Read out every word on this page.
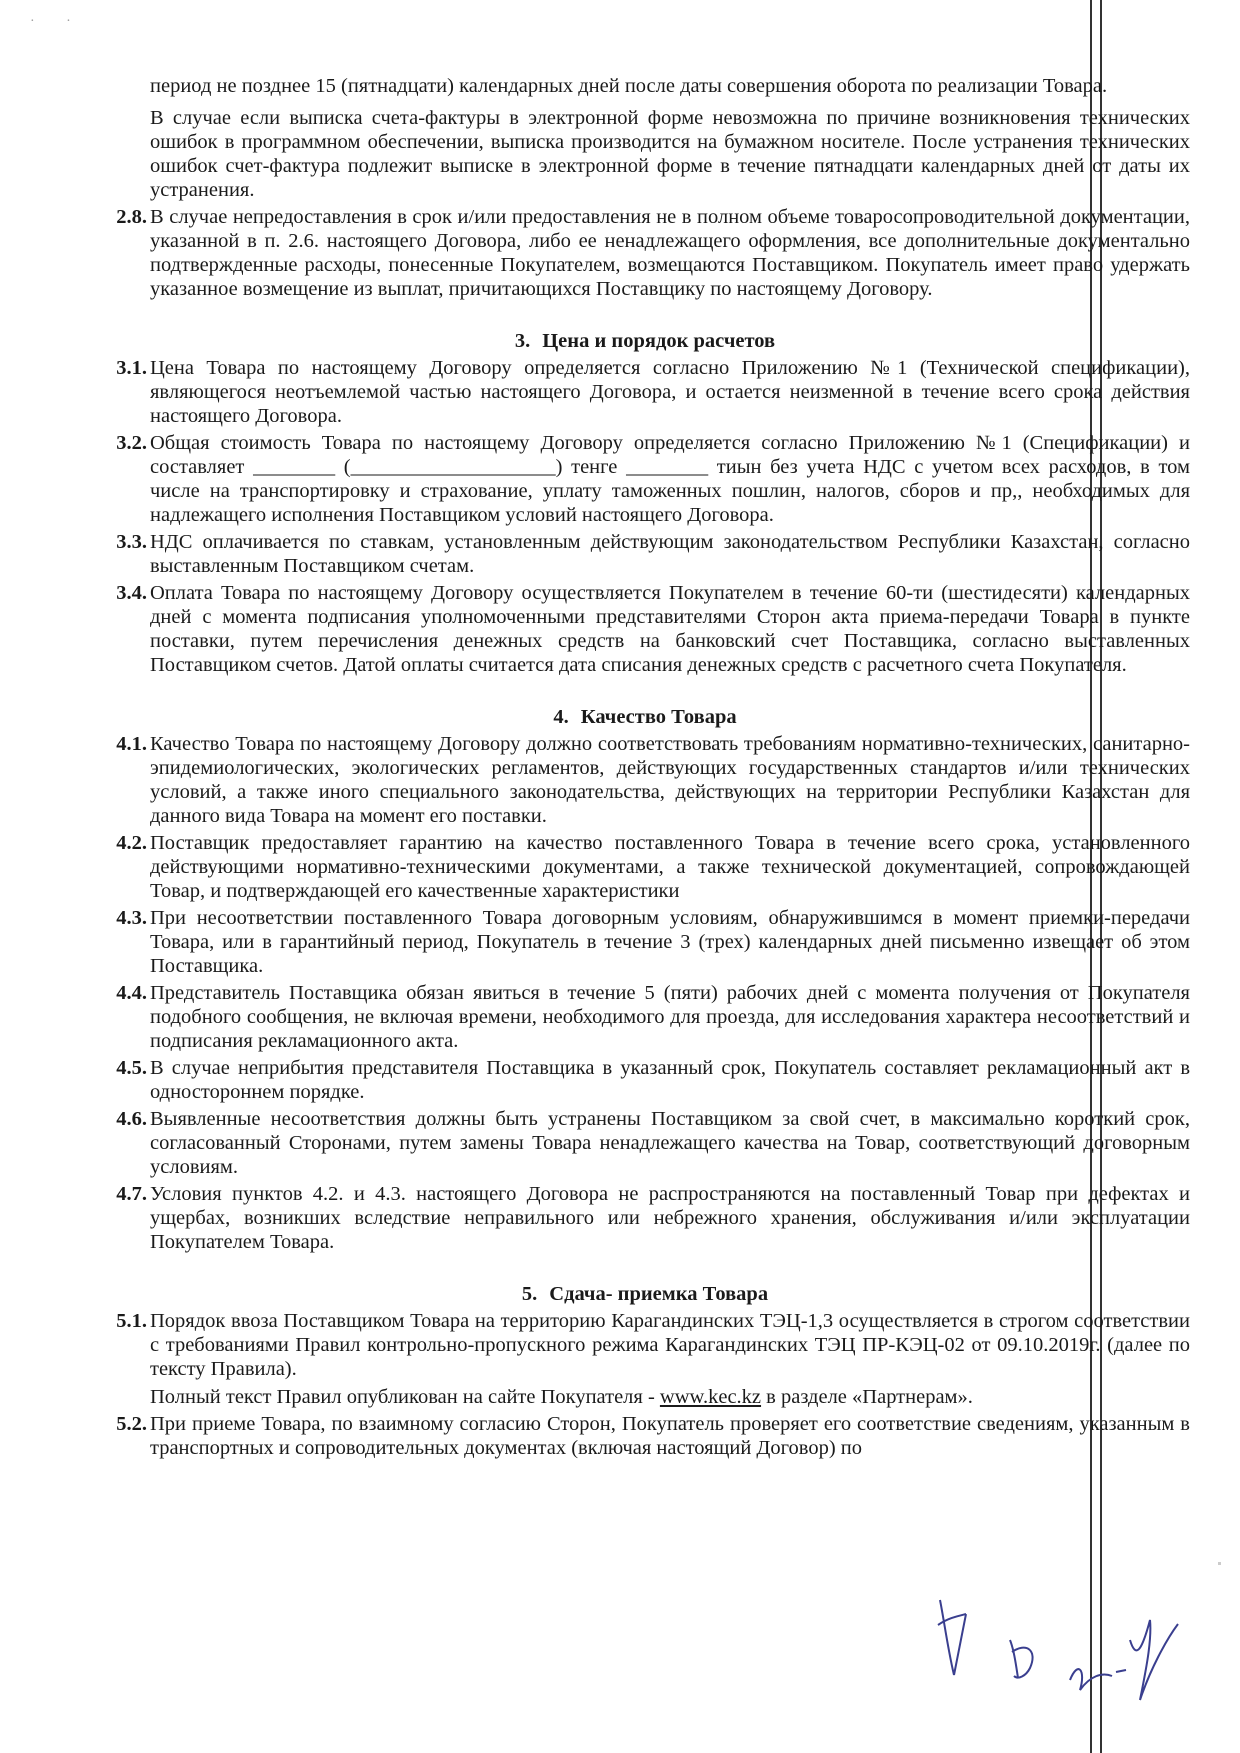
· ·
период не позднее 15 (пятнадцати) календарных дней после даты совершения оборота по реализации Товара.
В случае если выписка счета-фактуры в электронной форме невозможна по причине возникновения технических ошибок в программном обеспечении, выписка производится на бумажном носителе. После устранения технических ошибок счет-фактура подлежит выписке в электронной форме в течение пятнадцати календарных дней от даты их устранения.
2.8. В случае непредоставления в срок и/или предоставления не в полном объеме товаросопроводительной документации, указанной в п. 2.6. настоящего Договора, либо ее ненадлежащего оформления, все дополнительные документально подтвержденные расходы, понесенные Покупателем, возмещаются Поставщиком. Покупатель имеет право удержать указанное возмещение из выплат, причитающихся Поставщику по настоящему Договору.
3. Цена и порядок расчетов
3.1. Цена Товара по настоящему Договору определяется согласно Приложению №1 (Технической спецификации), являющегося неотъемлемой частью настоящего Договора, и остается неизменной в течение всего срока действия настоящего Договора.
3.2. Общая стоимость Товара по настоящему Договору определяется согласно Приложению №1 (Спецификации) и составляет ________ (____________________) тенге ________ тиын без учета НДС с учетом всех расходов, в том числе на транспортировку и страхование, уплату таможенных пошлин, налогов, сборов и пр,, необходимых для надлежащего исполнения Поставщиком условий настоящего Договора.
3.3. НДС оплачивается по ставкам, установленным действующим законодательством Республики Казахстан, согласно выставленным Поставщиком счетам.
3.4. Оплата Товара по настоящему Договору осуществляется Покупателем в течение 60-ти (шестидесяти) календарных дней с момента подписания уполномоченными представителями Сторон акта приема-передачи Товара в пункте поставки, путем перечисления денежных средств на банковский счет Поставщика, согласно выставленных Поставщиком счетов. Датой оплаты считается дата списания денежных средств с расчетного счета Покупателя.
4. Качество Товара
4.1. Качество Товара по настоящему Договору должно соответствовать требованиям нормативно-технических, санитарно-эпидемиологических, экологических регламентов, действующих государственных стандартов и/или технических условий, а также иного специального законодательства, действующих на территории Республики Казахстан для данного вида Товара на момент его поставки.
4.2. Поставщик предоставляет гарантию на качество поставленного Товара в течение всего срока, установленного действующими нормативно-техническими документами, а также технической документацией, сопровождающей Товар, и подтверждающей его качественные характеристики
4.3. При несоответствии поставленного Товара договорным условиям, обнаружившимся в момент приемки-передачи Товара, или в гарантийный период, Покупатель в течение 3 (трех) календарных дней письменно извещает об этом Поставщика.
4.4. Представитель Поставщика обязан явиться в течение 5 (пяти) рабочих дней с момента получения от Покупателя подобного сообщения, не включая времени, необходимого для проезда, для исследования характера несоответствий и подписания рекламационного акта.
4.5. В случае неприбытия представителя Поставщика в указанный срок, Покупатель составляет рекламационный акт в одностороннем порядке.
4.6. Выявленные несоответствия должны быть устранены Поставщиком за свой счет, в максимально короткий срок, согласованный Сторонами, путем замены Товара ненадлежащего качества на Товар, соответствующий договорным условиям.
4.7. Условия пунктов 4.2. и 4.3. настоящего Договора не распространяются на поставленный Товар при дефектах и ущербах, возникших вследствие неправильного или небрежного хранения, обслуживания и/или эксплуатации Покупателем Товара.
5. Сдача- приемка Товара
5.1. Порядок ввоза Поставщиком Товара на территорию Карагандинских ТЭЦ-1,3 осуществляется в строгом соответствии с требованиями Правил контрольно-пропускного режима Карагандинских ТЭЦ ПР-КЭЦ-02 от 09.10.2019г. (далее по тексту Правила).

Полный текст Правил опубликован на сайте Покупателя - www.kec.kz в разделе «Партнерам».

5.2. При приеме Товара, по взаимному согласию Сторон, Покупатель проверяет его соответствие сведениям, указанным в транспортных и сопроводительных документах (включая настоящий Договор) по
